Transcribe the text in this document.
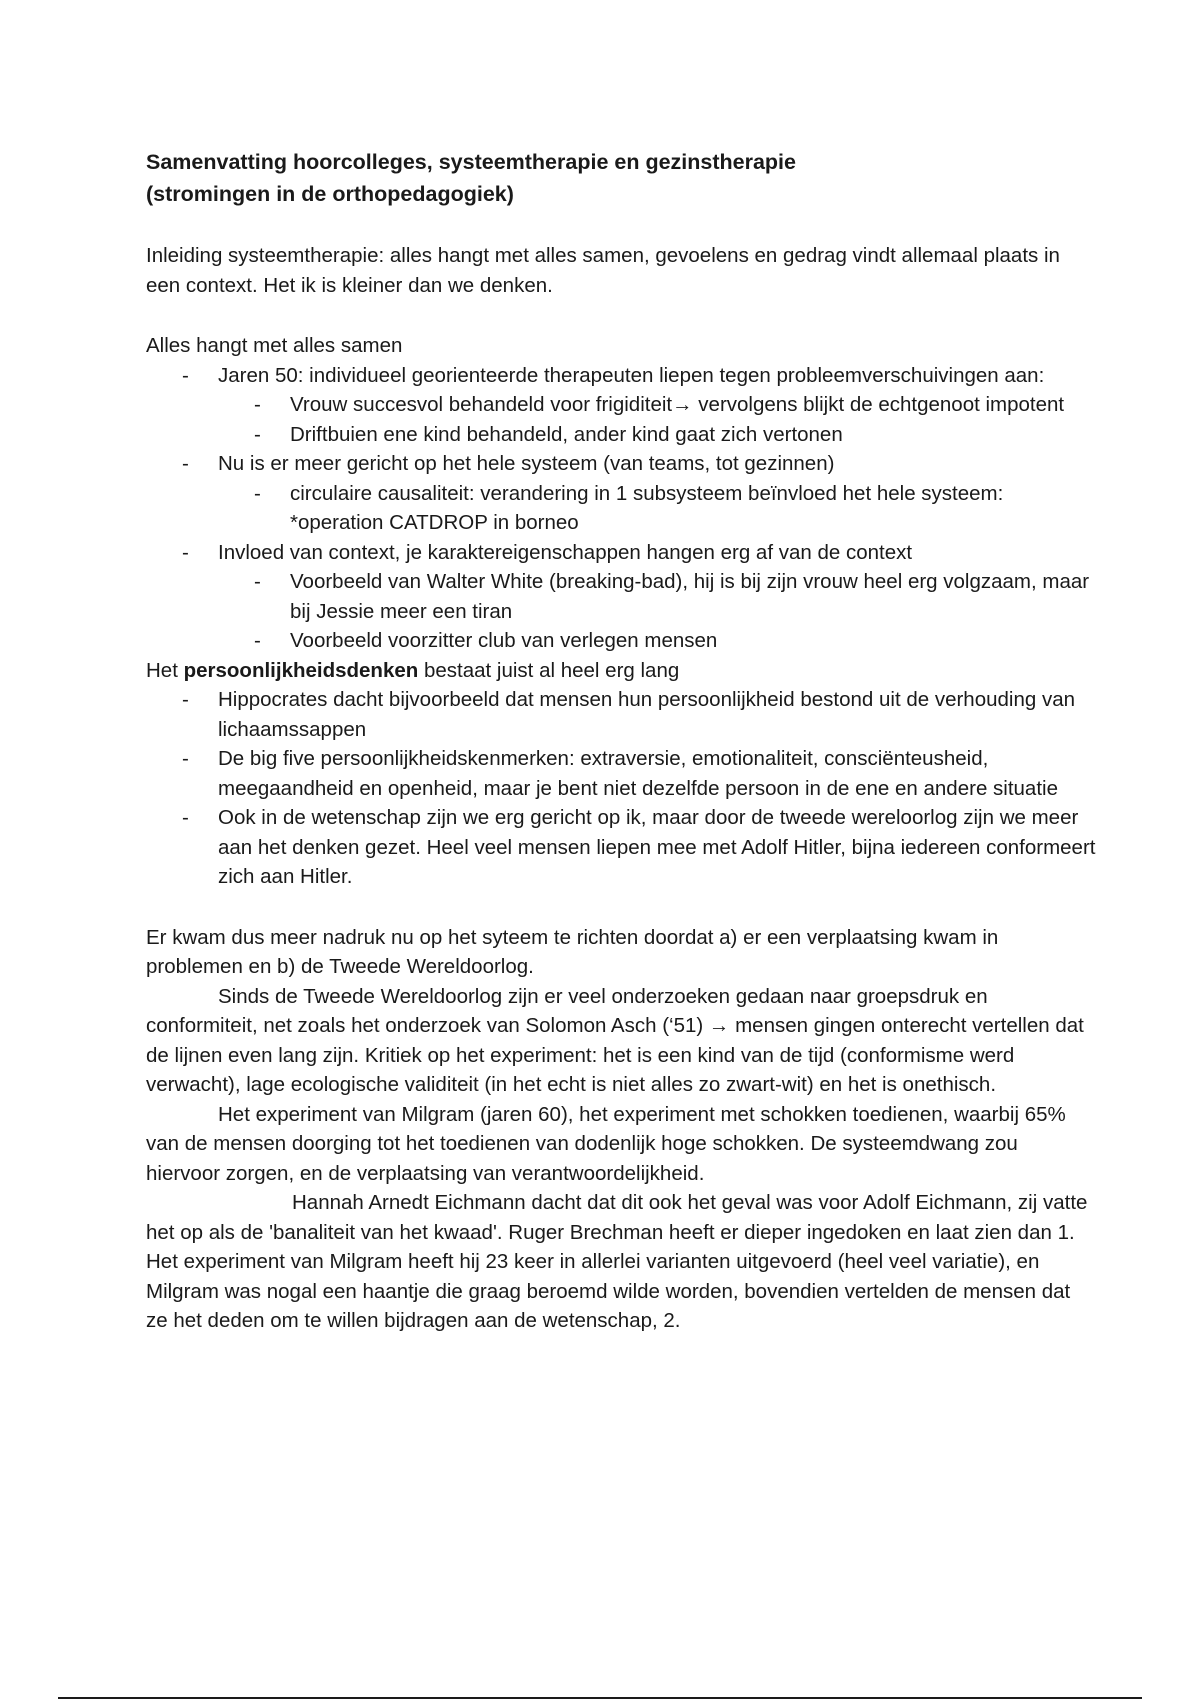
Samenvatting hoorcolleges, systeemtherapie en gezinstherapie

(stromingen in de orthopedagogiek)

Inleiding systeemtherapie: alles hangt met alles samen, gevoelens en gedrag vindt allemaal plaats in een context. Het ik is kleiner dan we denken.

Alles hangt met alles samen

- Jaren 50: individueel georienteerde therapeuten liepen tegen probleemverschuivingen aan:
- Vrouw succesvol behandeld voor frigiditeit→ vervolgens blijkt de echtgenoot impotent
- Driftbuien ene kind behandeld, ander kind gaat zich vertonen
- Nu is er meer gericht op het hele systeem (van teams, tot gezinnen)
- circulaire causaliteit: verandering in 1 subsysteem beïnvloed het hele systeem: *operation CATDROP in borneo
- Invloed van context, je karaktereigenschappen hangen erg af van de context
- Voorbeeld van Walter White (breaking-bad), hij is bij zijn vrouw heel erg volgzaam, maar bij Jessie meer een tiran
- Voorbeeld voorzitter club van verlegen mensen

Het persoonlijkheidsdenken bestaat juist al heel erg lang

- Hippocrates dacht bijvoorbeeld dat mensen hun persoonlijkheid bestond uit de verhouding van lichaamssappen
- De big five persoonlijkheidskenmerken: extraversie, emotionaliteit, consciënteusheid, meegaandheid en openheid, maar je bent niet dezelfde persoon in de ene en andere situatie
- Ook in de wetenschap zijn we erg gericht op ik, maar door de tweede wereloorlog zijn we meer aan het denken gezet. Heel veel mensen liepen mee met Adolf Hitler, bijna iedereen conformeert zich aan Hitler.

Er kwam dus meer nadruk nu op het syteem te richten doordat a) er een verplaatsing kwam in problemen en b) de Tweede Wereldoorlog.

Sinds de Tweede Wereldoorlog zijn er veel onderzoeken gedaan naar groepsdruk en conformiteit, net zoals het onderzoek van Solomon Asch (‘51) → mensen gingen onterecht vertellen dat de lijnen even lang zijn. Kritiek op het experiment: het is een kind van de tijd (conformisme werd verwacht), lage ecologische validiteit (in het echt is niet alles zo zwart-wit) en het is onethisch.

Het experiment van Milgram (jaren 60), het experiment met schokken toedienen, waarbij 65% van de mensen doorging tot het toedienen van dodenlijk hoge schokken. De systeemdwang zou hiervoor zorgen, en de verplaatsing van verantwoordelijkheid.

Hannah Arnedt Eichmann dacht dat dit ook het geval was voor Adolf Eichmann, zij vatte het op als de 'banaliteit van het kwaad'. Ruger Brechman heeft er dieper ingedoken en laat zien dan 1. Het experiment van Milgram heeft hij 23 keer in allerlei varianten uitgevoerd (heel veel variatie), en Milgram was nogal een haantje die graag beroemd wilde worden, bovendien vertelden de mensen dat ze het deden om te willen bijdragen aan de wetenschap, 2.
